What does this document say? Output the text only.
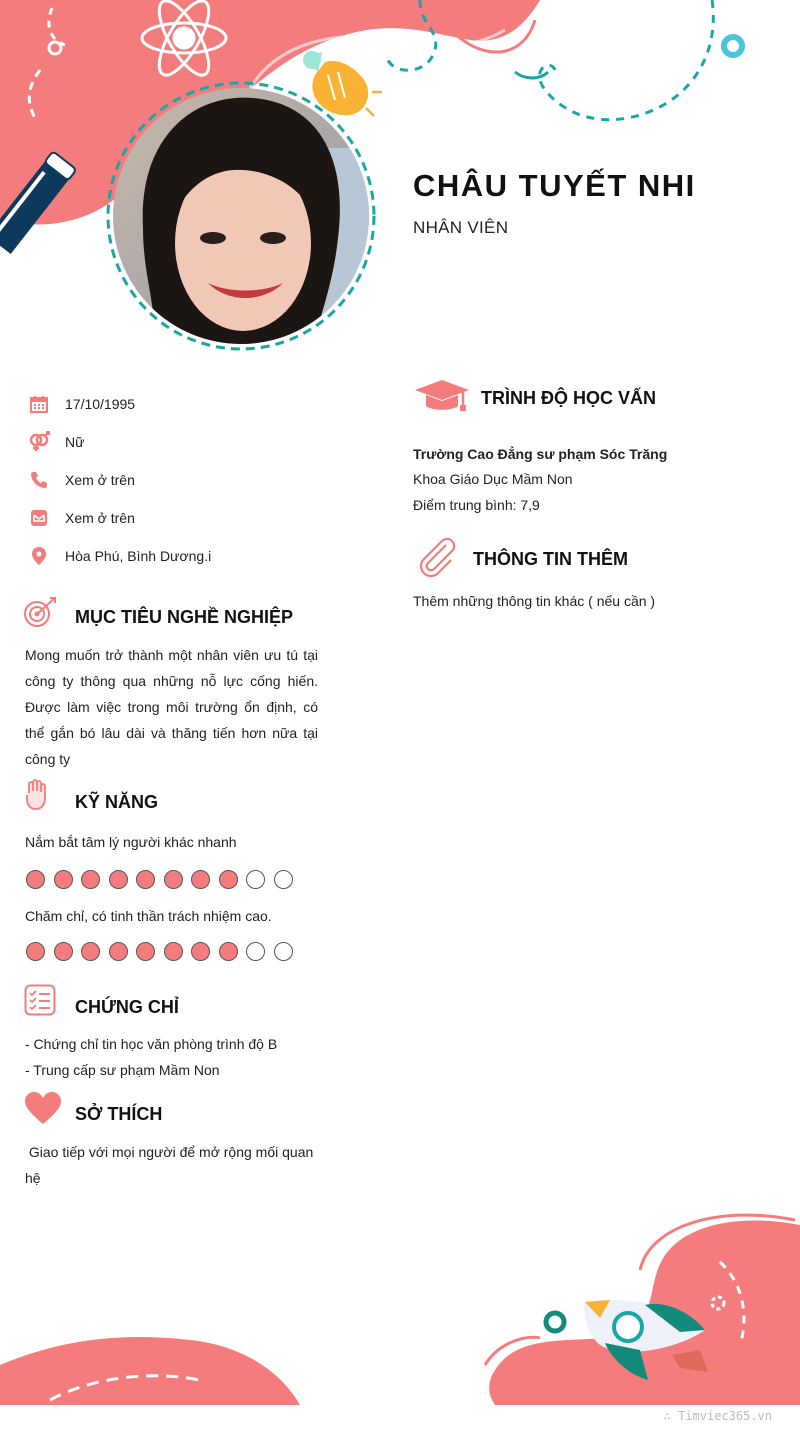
CHÂU TUYẾT NHI
NHÂN VIÊN
17/10/1995
Nữ
Xem ở trên
Xem ở trên
Hòa Phú, Bình Dương.i
MỤC TIÊU NGHỀ NGHIỆP
Mong muốn trở thành một nhân viên ưu tú tại công ty thông qua những nỗ lực cống hiến. Được làm việc trong môi trường ổn định, có thể gắn bó lâu dài và thăng tiến hơn nữa tại công ty
KỸ NĂNG
Nắm bắt tâm lý người khác nhanh
Chăm chỉ, có tinh thần trách nhiệm cao.
CHỨNG CHỈ
- Chứng chỉ tin học văn phòng trình độ B
- Trung cấp sư phạm Mầm Non
SỞ THÍCH
Giao tiếp với mọi người để mở rộng mối quan hệ
TRÌNH ĐỘ HỌC VẤN
Trường Cao Đẳng sư phạm Sóc Trăng
Khoa Giáo Dục Mầm Non
Điểm trung bình: 7,9
THÔNG TIN THÊM
Thêm những thông tin khác ( nếu cần )
∴ Timviec365.vn
